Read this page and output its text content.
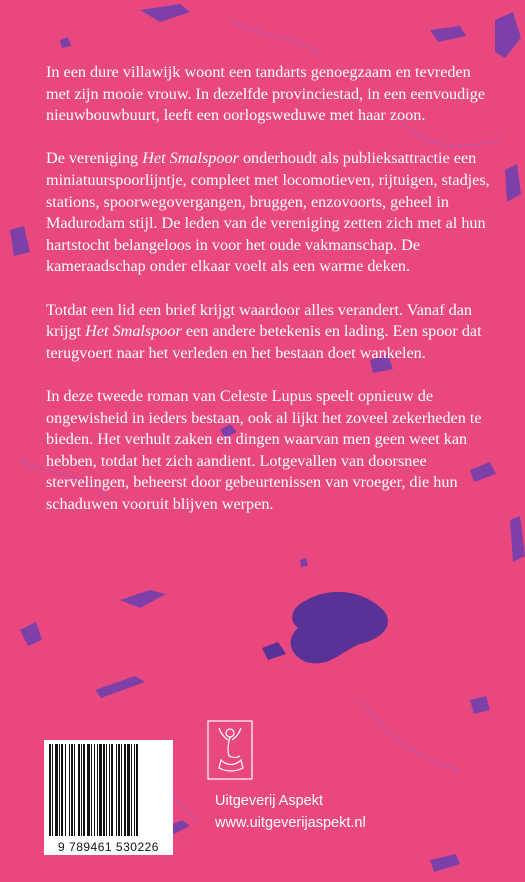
In een dure villawijk woont een tandarts genoegzaam en tevreden met zijn mooie vrouw. In dezelfde provinciestad, in een eenvoudige nieuwbouwbuurt, leeft een oorlogsweduwe met haar zoon.

De vereniging Het Smalspoor onderhoudt als publieksattractie een miniatuurspoorlijntje, compleet met locomotieven, rijtuigen, stadjes, stations, spoorwegovergangen, bruggen, enzovoorts, geheel in Madurodam stijl. De leden van de vereniging zetten zich met al hun hartstocht belangeloos in voor het oude vakmanschap. De kameraadschap onder elkaar voelt als een warme deken.

Totdat een lid een brief krijgt waardoor alles verandert. Vanaf dan krijgt Het Smalspoor een andere betekenis en lading. Een spoor dat terugvoert naar het verleden en het bestaan doet wankelen.

In deze tweede roman van Celeste Lupus speelt opnieuw de ongewisheid in ieders bestaan, ook al lijkt het zoveel zekerheden te bieden. Het verhult zaken en dingen waarvan men geen weet kan hebben, totdat het zich aandient. Lotgevallen van doorsnee stervelingen, beheerst door gebeurtenissen van vroeger, die hun schaduwen vooruit blijven werpen.

9 789461 530226
Uitgeverij Aspekt
www.uitgeverijaspekt.nl
